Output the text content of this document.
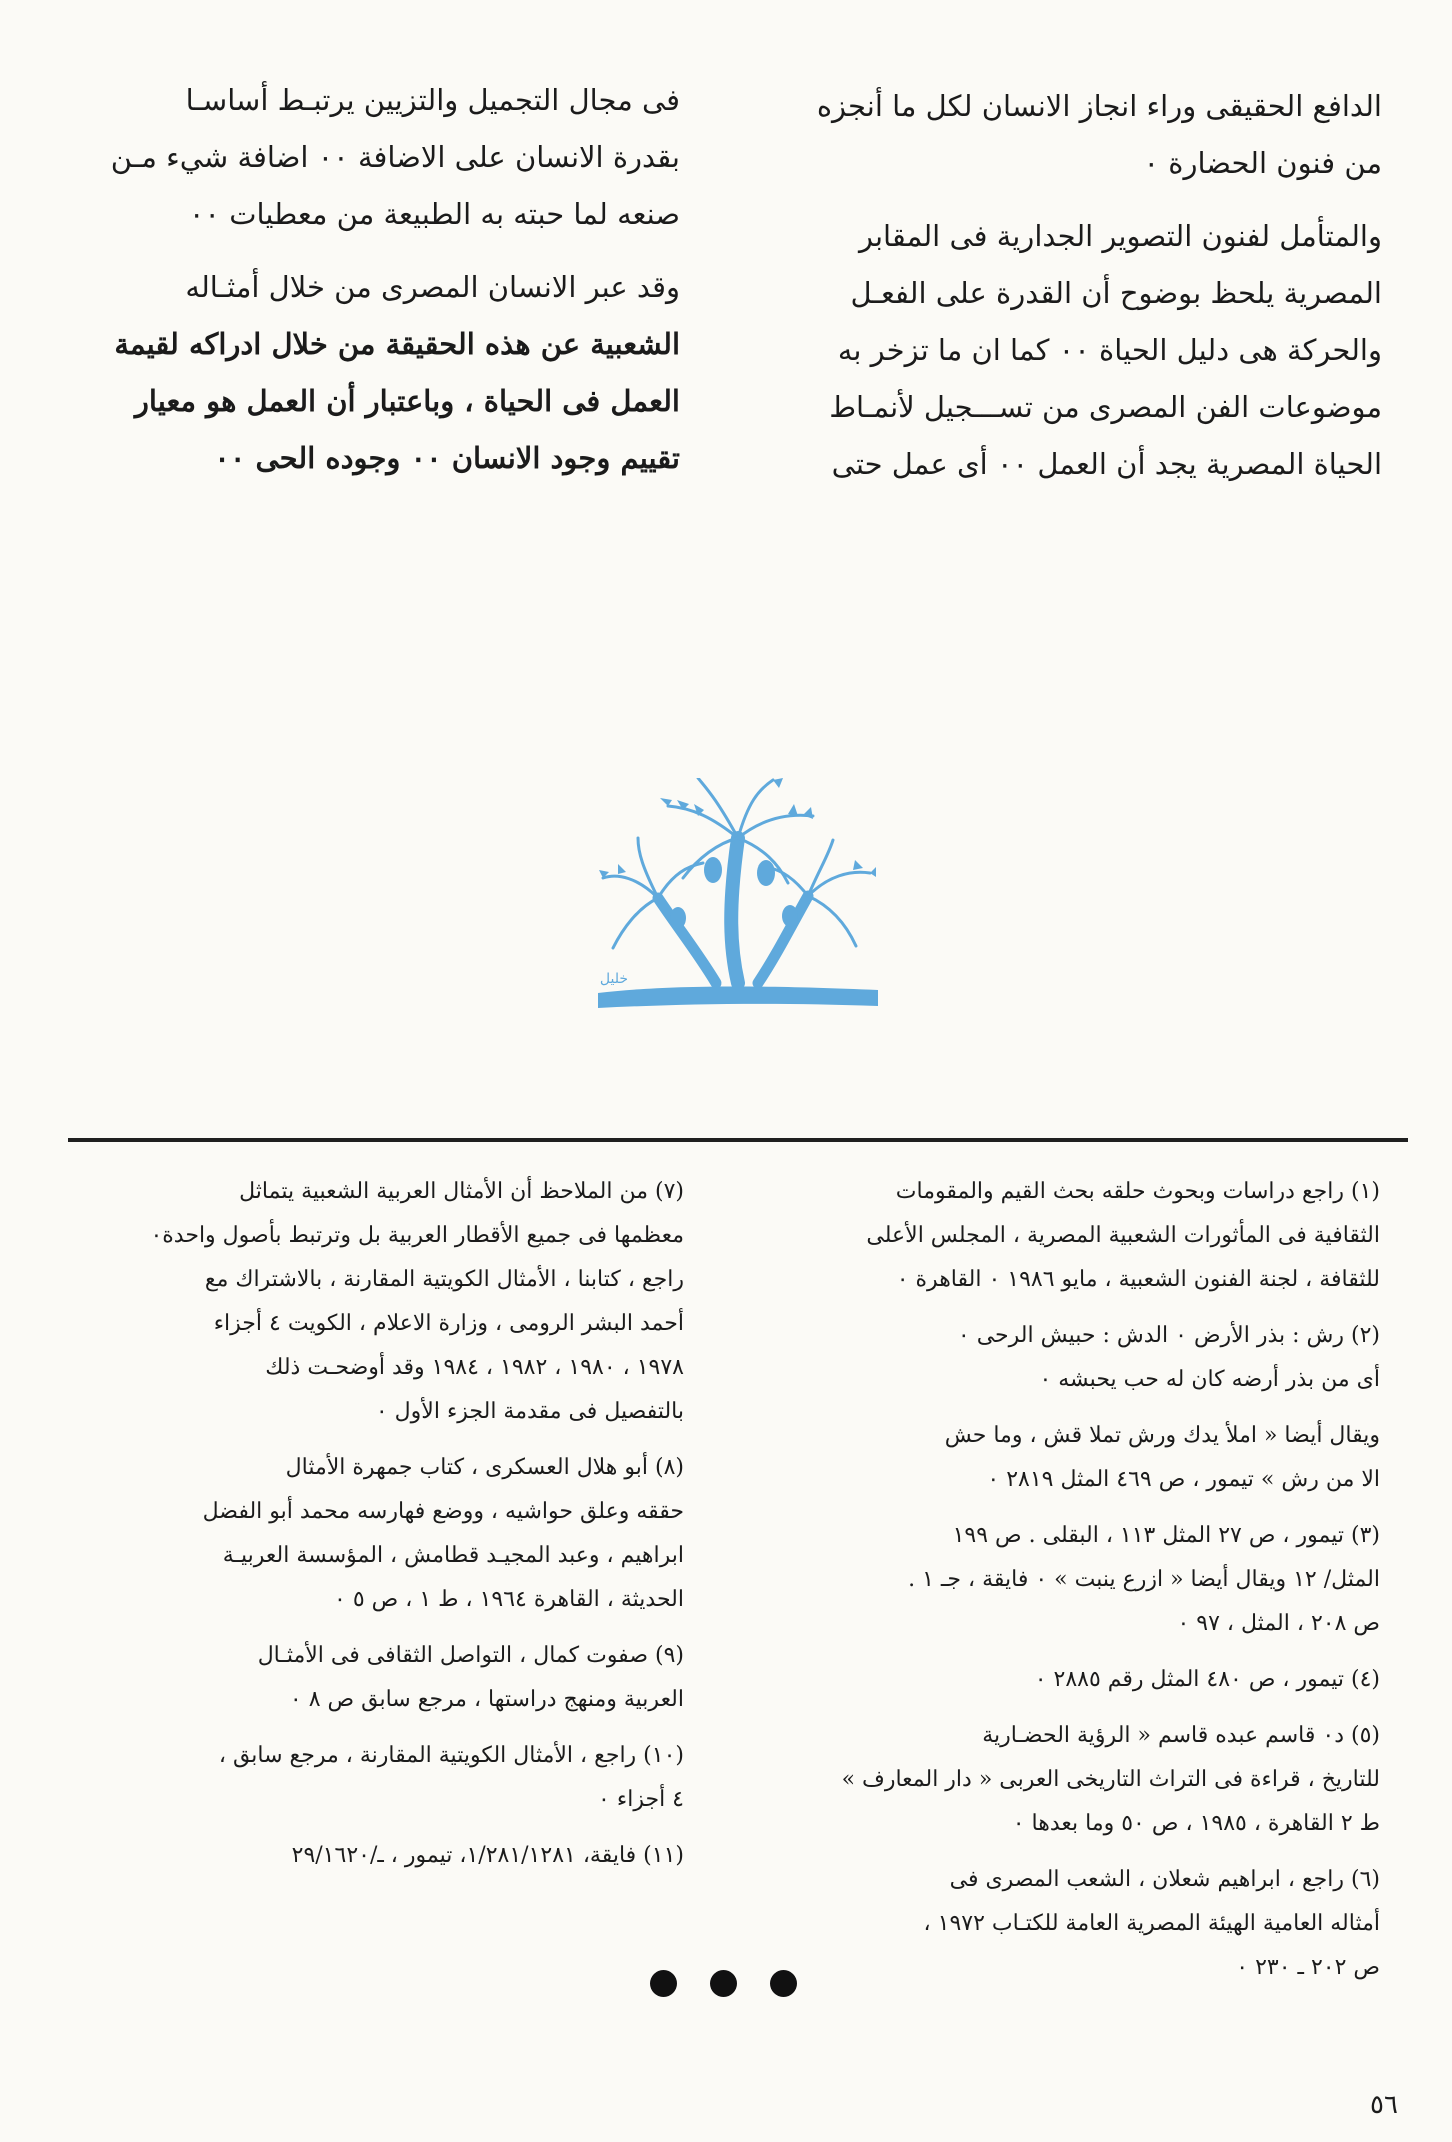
الدافع الحقيقى وراء انجاز الانسان لكل ما أنجزه

من فنون الحضارة ٠

والمتأمل لفنون التصوير الجدارية فى المقابر

المصرية يلحظ بوضوح أن القدرة على الفعـل

والحركة هى دليل الحياة ٠٠ كما ان ما تزخر به

موضوعات الفن المصرى من تســـجيل لأنمـاط

الحياة المصرية يجد أن العمل ٠٠ أى عمل حتى

فى مجال التجميل والتزيين يرتبـط أساسـا

بقدرة الانسان على الاضافة ٠٠ اضافة شيء مـن

صنعه لما حبته به الطبيعة من معطيات ٠٠

وقد عبر الانسان المصرى من خلال أمثـاله

الشعبية عن هذه الحقيقة من خلال ادراكه لقيمة

العمل فى الحياة ، وباعتبار أن العمل هو معيار

تقييم وجود الانسان ٠٠ وجوده الحى ٠٠

خليل

(١) راجع دراسات وبحوث حلقه بحث القيم والمقومات

الثقافية فى المأثورات الشعبية المصرية ، المجلس الأعلى

للثقافة ، لجنة الفنون الشعبية ، مايو ١٩٨٦ ٠ القاهرة ٠

(٢) رش : بذر الأرض ٠ الدش : حبيش الرحى ٠

أى من بذر أرضه كان له حب يحبشه ٠

ويقال أيضا « املأ يدك ورش تملا قش ، وما حش

الا من رش » تيمور ، ص ٤٦٩ المثل ٢٨١٩ ٠

(٣) تيمور ، ص ٢٧ المثل ١١٣ ، البقلى . ص ١٩٩

المثل/ ١٢ ويقال أيضا « ازرع ينبت » ٠ فايقة ، جـ ١ .

ص ٢٠٨ ، المثل ، ٩٧ ٠

(٤) تيمور ، ص ٤٨٠ المثل رقم ٢٨٨٥ ٠

(٥) د٠ قاسم عبده قاسم « الرؤية الحضـارية

للتاريخ ، قراءة فى التراث التاريخى العربى « دار المعارف »

ط ٢ القاهرة ، ١٩٨٥ ، ص ٥٠ وما بعدها ٠

(٦) راجع ، ابراهيم شعلان ، الشعب المصرى فى

أمثاله العامية الهيئة المصرية العامة للكتـاب ١٩٧٢ ،

ص ٢٠٢ ـ ٢٣٠ ٠

(٧) من الملاحظ أن الأمثال العربية الشعبية يتماثل

معظمها فى جميع الأقطار العربية بل وترتبط بأصول واحدة٠

راجع ، كتابنا ، الأمثال الكويتية المقارنة ، بالاشتراك مع

أحمد البشر الرومى ، وزارة الاعلام ، الكويت ٤ أجزاء

١٩٧٨ ، ١٩٨٠ ، ١٩٨٢ ، ١٩٨٤ وقد أوضحـت ذلك

بالتفصيل فى مقدمة الجزء الأول ٠

(٨) أبو هلال العسكرى ، كتاب جمهرة الأمثال

حققه وعلق حواشيه ، ووضع فهارسه محمد أبو الفضل

ابراهيم ، وعبد المجيـد قطامش ، المؤسسة العربيـة

الحديثة ، القاهرة ١٩٦٤ ، ط ١ ، ص ٥ ٠

(٩) صفوت كمال ، التواصل الثقافى فى الأمثـال

العربية ومنهج دراستها ، مرجع سابق ص ٨ ٠

(١٠) راجع ، الأمثال الكويتية المقارنة ، مرجع سابق ،

٤ أجزاء ٠

(١١) فايقة، ١/٢٨١/١٢٨١، تيمور ، ـ/٢٩/١٦٢٠

٥٦
